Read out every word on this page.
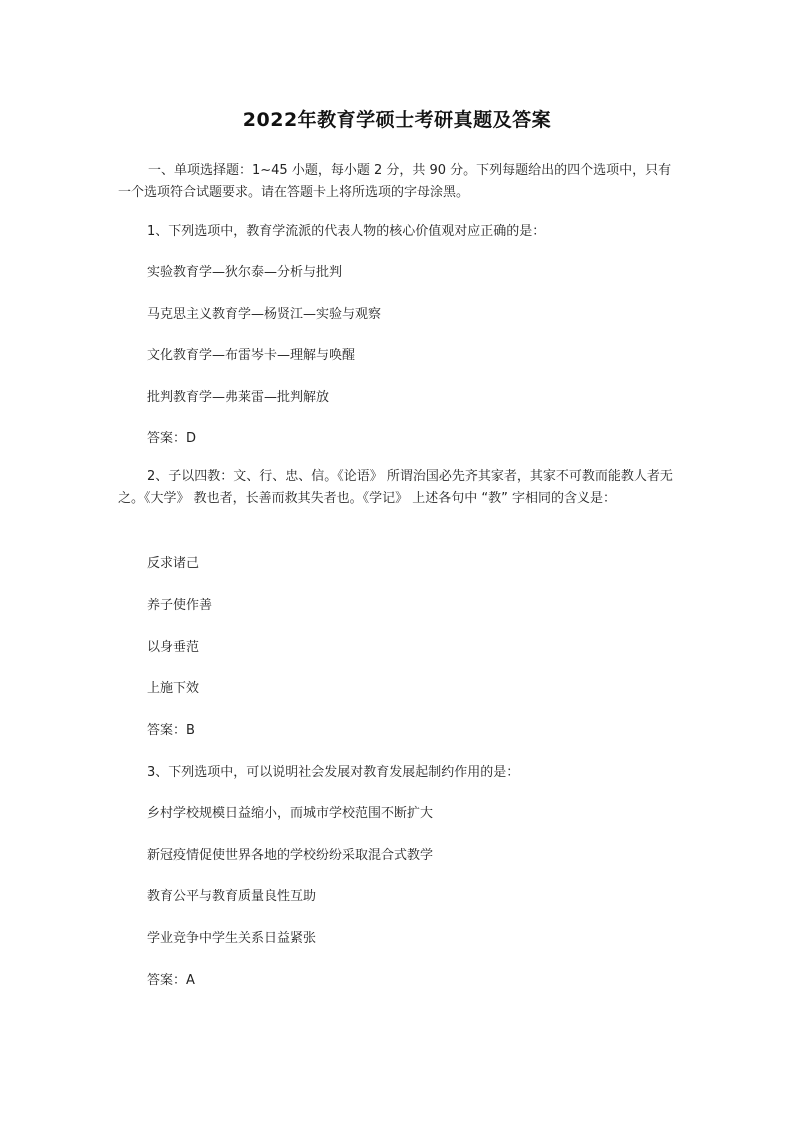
2022年教育学硕士考研真题及答案

一、单项选择题：1~45 小题，每小题 2 分，共 90 分。下列每题给出的四个选项中，只有一个选项符合试题要求。请在答题卡上将所选项的字母涂黑。

1、下列选项中，教育学流派的代表人物的核心价值观对应正确的是：

实验教育学—狄尔泰—分析与批判

马克思主义教育学—杨贤江—实验与观察

文化教育学—布雷岑卡—理解与唤醒

批判教育学—弗莱雷—批判解放

答案：D

2、子以四教：文、行、忠、信。《论语》 所谓治国必先齐其家者，其家不可教而能教人者无之。《大学》 教也者，长善而救其失者也。《学记》 上述各句中 “教” 字相同的含义是：

反求诸己

养子使作善

以身垂范

上施下效

答案：B

3、下列选项中，可以说明社会发展对教育发展起制约作用的是：

乡村学校规模日益缩小，而城市学校范围不断扩大

新冠疫情促使世界各地的学校纷纷采取混合式教学

教育公平与教育质量良性互助

学业竞争中学生关系日益紧张

答案：A
